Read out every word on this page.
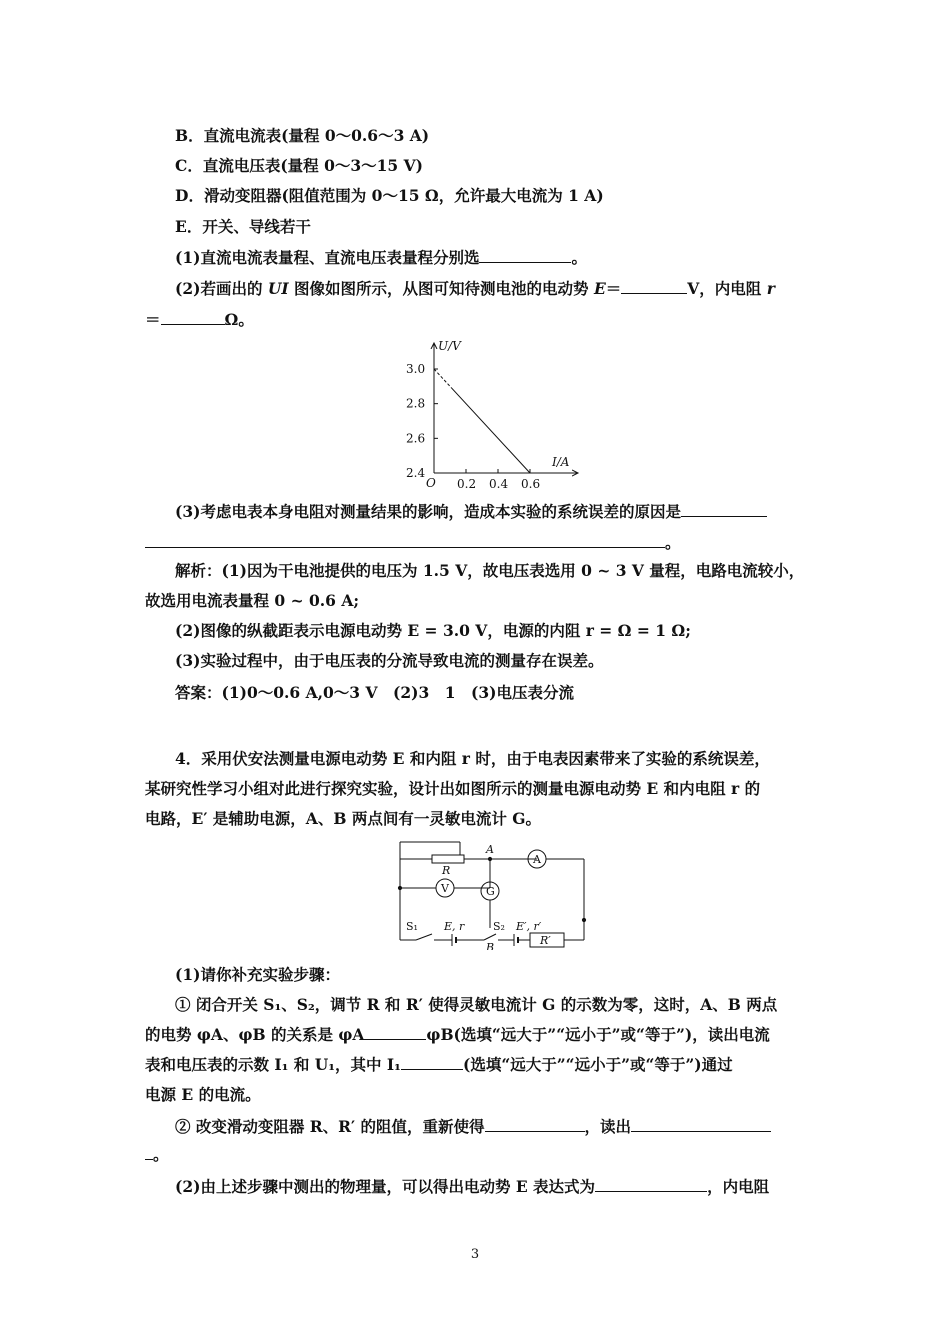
B．直流电流表(量程 0～0.6～3 A)
C．直流电压表(量程 0～3～15 V)
D．滑动变阻器(阻值范围为 0～15 Ω，允许最大电流为 1 A)
E．开关、导线若干
(1)直流电流表量程、直流电压表量程分别选	。
(2)若画出的 UI 图像如图所示，从图可知待测电池的电动势 E＝	V，内电阻 r
＝	Ω。
3.0
2.8
2.6
2.4
0.2 0.4 0.6
U/V
I/A
O
(3)考虑电表本身电阻对测量结果的影响，造成本实验的系统误差的原因是
。
解析：(1)因为干电池提供的电压为 1.5 V，故电压表选用 0 ~ 3 V 量程，电路电流较小，
故选用电流表量程 0 ~ 0.6 A;
(2)图像的纵截距表示电源电动势 E = 3.0 V，电源的内阻 r = Ω = 1 Ω;
(3)实验过程中，由于电压表的分流导致电流的测量存在误差。
答案：(1)0～0.6 A,0～3 V　(2)3　1　(3)电压表分流
4．采用伏安法测量电源电动势 E 和内阻 r 时，由于电表因素带来了实验的系统误差，
某研究性学习小组对此进行探究实验，设计出如图所示的测量电源电动势 E 和内电阻 r 的
电路，E′ 是辅助电源，A、B 两点间有一灵敏电流计 G。
A
B
R
V	G
A
S₁ E, r	S₂ E′, r′
R′
(1)请你补充实验步骤：
① 闭合开关 S₁、S₂，调节 R 和 R′ 使得灵敏电流计 G 的示数为零，这时，A、B 两点
的电势 φA、φB 的关系是 φA	φB(选填“远大于”“远小于”或“等于”)，读出电流
表和电压表的示数 I₁ 和 U₁，其中 I₁	(选填“远大于”“远小于”或“等于”)通过
电源 E 的电流。
② 改变滑动变阻器 R、R′ 的阻值，重新使得	，读出
。
(2)由上述步骤中测出的物理量，可以得出电动势 E 表达式为	，内电阻
3
